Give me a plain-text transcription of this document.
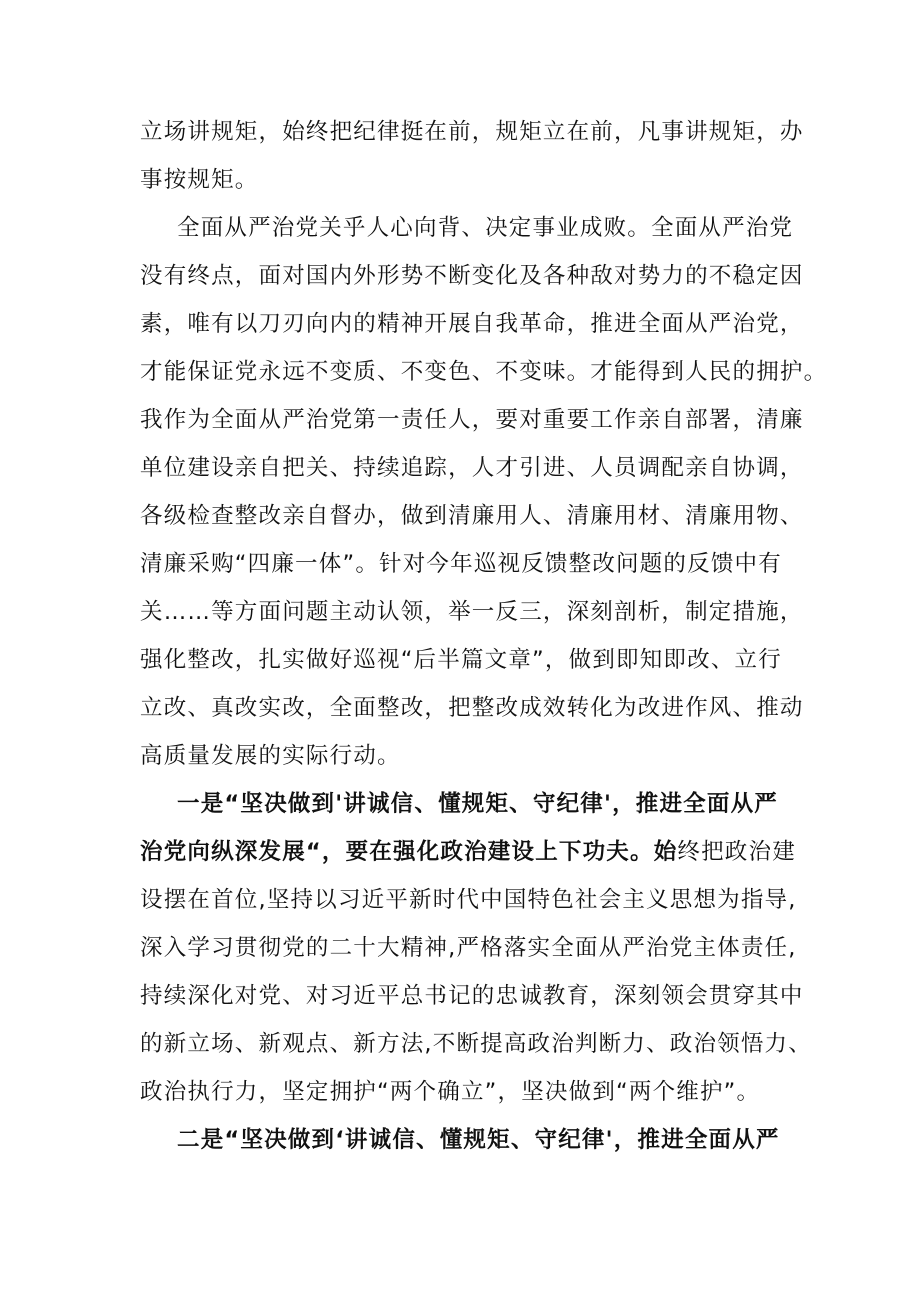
立场讲规矩，始终把纪律挺在前，规矩立在前，凡事讲规矩，办
事按规矩。
全面从严治党关乎人心向背、决定事业成败。全面从严治党
没有终点，面对国内外形势不断变化及各种敌对势力的不稳定因
素，唯有以刀刃向内的精神开展自我革命，推进全面从严治党，
才能保证党永远不变质、不变色、不变味。才能得到人民的拥护。
我作为全面从严治党第一责任人，要对重要工作亲自部署，清廉
单位建设亲自把关、持续追踪，人才引进、人员调配亲自协调，
各级检查整改亲自督办，做到清廉用人、清廉用材、清廉用物、
清廉采购“四廉一体”。针对今年巡视反馈整改问题的反馈中有
关……等方面问题主动认领，举一反三，深刻剖析，制定措施，
强化整改，扎实做好巡视“后半篇文章”，做到即知即改、立行
立改、真改实改，全面整改，把整改成效转化为改进作风、推动
高质量发展的实际行动。
一是“坚决做到'讲诚信、懂规矩、守纪律'，推进全面从严
治党向纵深发展“，要在强化政治建设上下功夫。始终把政治建
设摆在首位,坚持以习近平新时代中国特色社会主义思想为指导,
深入学习贯彻党的二十大精神,严格落实全面从严治党主体责任,
持续深化对党、对习近平总书记的忠诚教育，深刻领会贯穿其中
的新立场、新观点、新方法,不断提高政治判断力、政治领悟力、
政治执行力，坚定拥护“两个确立”，坚决做到“两个维护”。
二是“坚决做到‘讲诚信、懂规矩、守纪律'，推进全面从严
